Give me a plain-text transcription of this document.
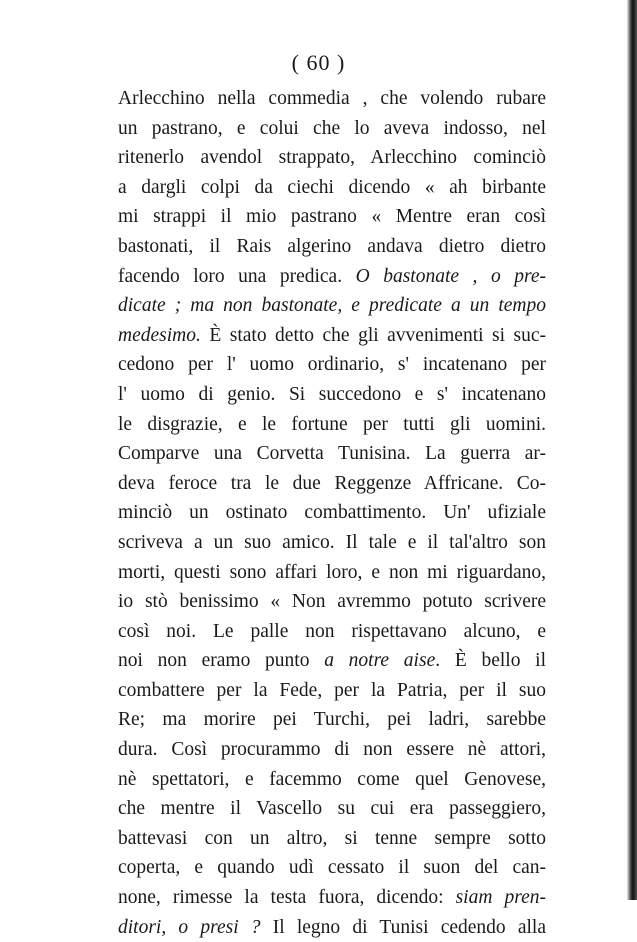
( 60 )
Arlecchino nella commedia , che volendo rubare
un pastrano, e colui che lo aveva indosso, nel
ritenerlo avendol strappato, Arlecchino cominciò
a dargli colpi da ciechi dicendo « ah birbante
mi strappi il mio pastrano « Mentre eran così
bastonati, il Rais algerino andava dietro dietro
facendo loro una predica. O bastonate , o pre-
dicate ; ma non bastonate, e predicate a un tempo
medesimo. È stato detto che gli avvenimenti si suc-
cedono per l' uomo ordinario, s' incatenano per
l' uomo di genio. Si succedono e s' incatenano
le disgrazie, e le fortune per tutti gli uomini.
Comparve una Corvetta Tunisina. La guerra ar-
deva feroce tra le due Reggenze Affricane. Co-
minciò un ostinato combattimento. Un' ufiziale
scriveva a un suo amico. Il tale e il tal'altro son
morti, questi sono affari loro, e non mi riguardano,
io stò benissimo « Non avremmo potuto scrivere
così noi. Le palle non rispettavano alcuno, e
noi non eramo punto a notre aise. È bello il
combattere per la Fede, per la Patria, per il suo
Re; ma morire pei Turchi, pei ladri, sarebbe
dura. Così procurammo di non essere nè attori,
nè spettatori, e facemmo come quel Genovese,
che mentre il Vascello su cui era passeggiero,
battevasi con un altro, si tenne sempre sotto
coperta, e quando udì cessato il suon del can-
none, rimesse la testa fuora, dicendo: siam pren-
ditori, o presi ? Il legno di Tunisi cedendo alla
